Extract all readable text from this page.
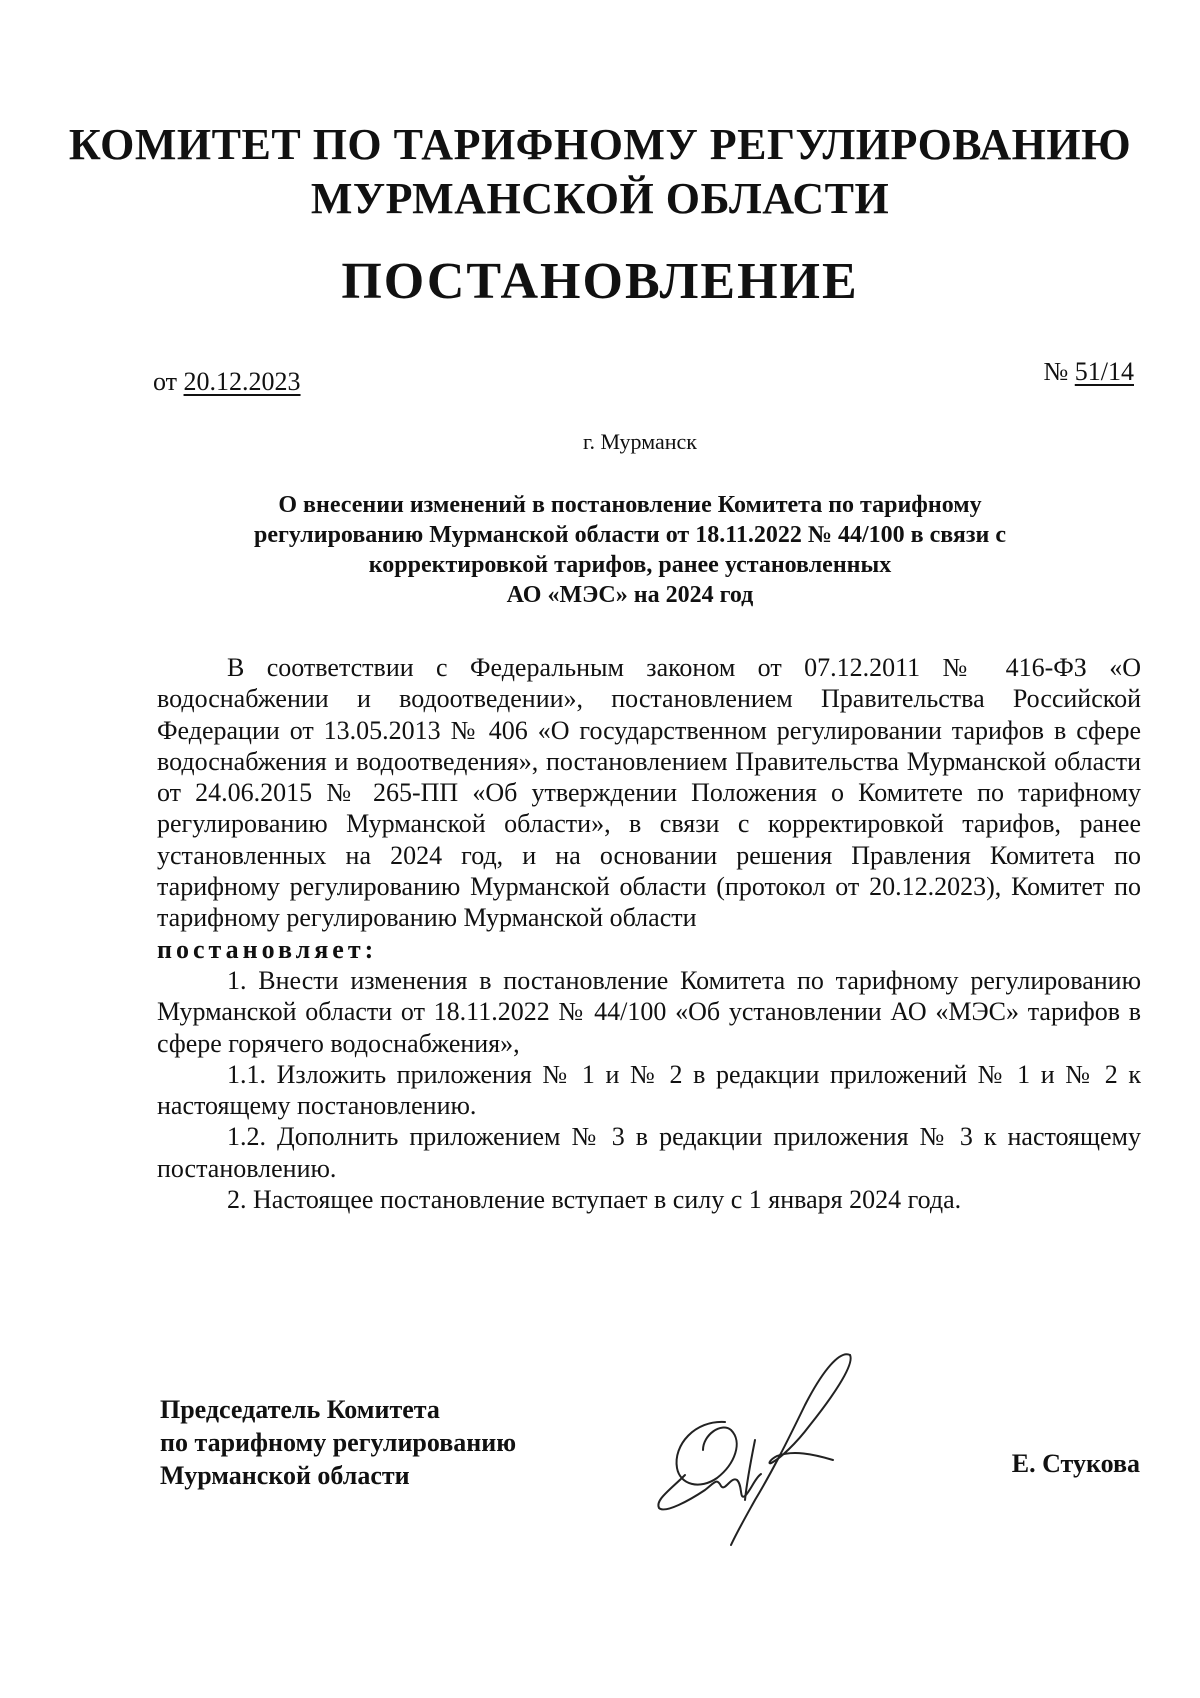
КОМИТЕТ ПО ТАРИФНОМУ РЕГУЛИРОВАНИЮ
МУРМАНСКОЙ ОБЛАСТИ
ПОСТАНОВЛЕНИЕ
от 20.12.2023	№ 51/14
г. Мурманск
О внесении изменений в постановление Комитета по тарифному
регулированию Мурманской области от 18.11.2022 № 44/100 в связи с
корректировкой тарифов, ранее установленных
АО «МЭС» на 2024 год

В соответствии с Федеральным законом от 07.12.2011 № 416-ФЗ «О водоснабжении и водоотведении», постановлением Правительства Российской Федерации от 13.05.2013 № 406 «О государственном регулировании тарифов в сфере водоснабжения и водоотведения», постановлением Правительства Мурманской области от 24.06.2015 № 265-ПП «Об утверждении Положения о Комитете по тарифному регулированию Мурманской области», в связи с корректировкой тарифов, ранее установленных на 2024 год, и на основании решения Правления Комитета по тарифному регулированию Мурманской области (протокол от 20.12.2023), Комитет по тарифному регулированию Мурманской области

постановляет:

1. Внести изменения в постановление Комитета по тарифному регулированию Мурманской области от 18.11.2022 № 44/100 «Об установлении АО «МЭС» тарифов в сфере горячего водоснабжения»,

1.1. Изложить приложения № 1 и № 2 в редакции приложений № 1 и № 2 к настоящему постановлению.

1.2. Дополнить приложением № 3 в редакции приложения № 3 к настоящему постановлению.

2. Настоящее постановление вступает в силу с 1 января 2024 года.

Председатель Комитета
по тарифному регулированию
Мурманской области	Е. Стукова
